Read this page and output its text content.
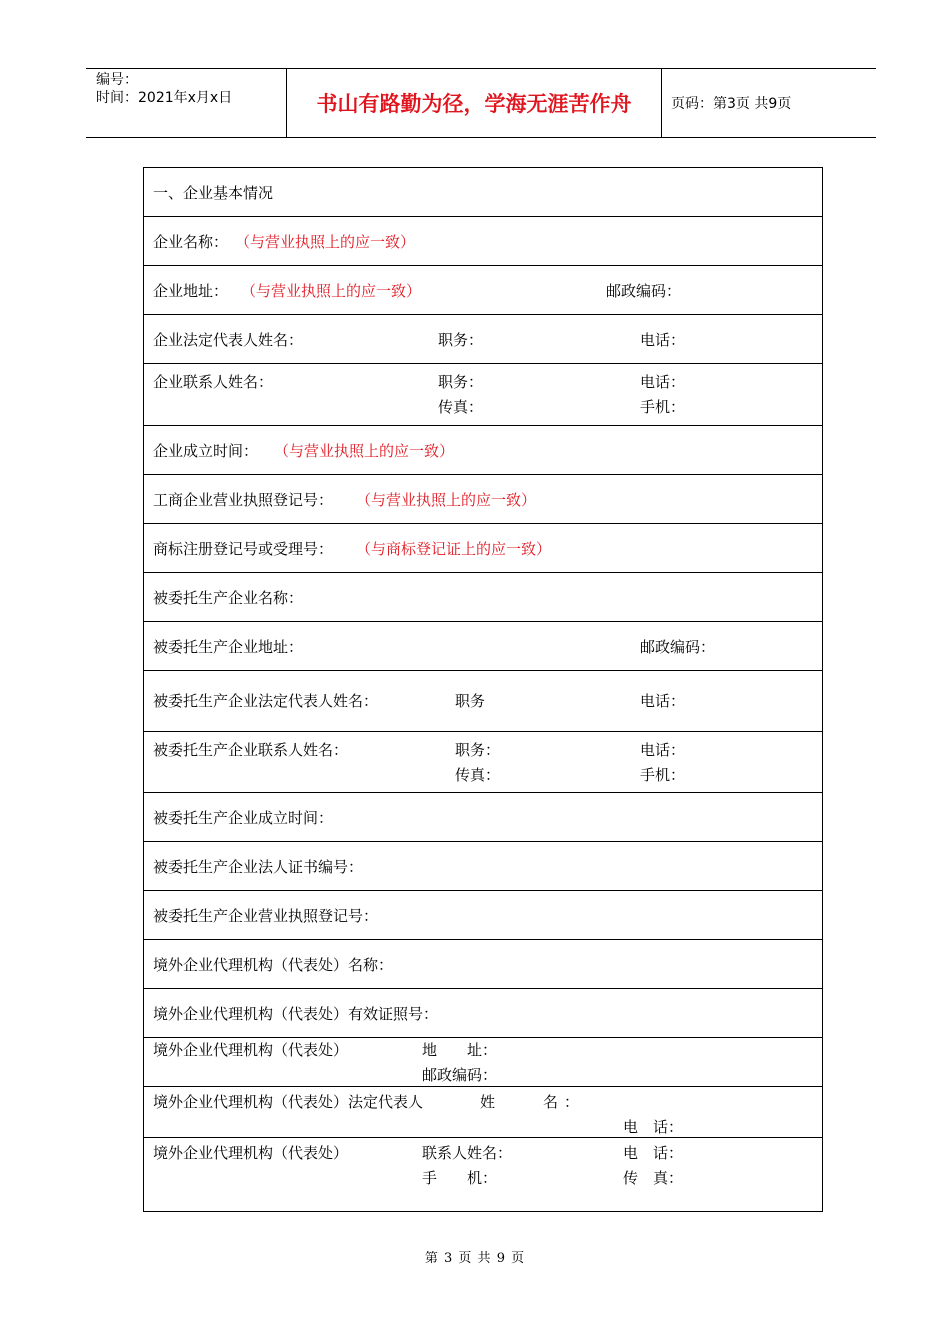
编号：
时间：2021年x月x日	书山有路勤为径，学海无涯苦作舟	页码：第3页 共9页
一、企业基本情况
企业名称： （与营业执照上的应一致）
企业地址： （与营业执照上的应一致）	邮政编码：
企业法定代表人姓名：	职务：	电话：
企业联系人姓名：	职务：	电话：
传真：	手机：
企业成立时间： （与营业执照上的应一致）
工商企业营业执照登记号： （与营业执照上的应一致）
商标注册登记号或受理号： （与商标登记证上的应一致）
被委托生产企业名称：
被委托生产企业地址：	邮政编码：
被委托生产企业法定代表人姓名：	职务	电话：
被委托生产企业联系人姓名：	职务：	电话：
传真：	手机：
被委托生产企业成立时间：
被委托生产企业法人证书编号：
被委托生产企业营业执照登记号：
境外企业代理机构（代表处）名称：
境外企业代理机构（代表处）有效证照号：
境外企业代理机构（代表处）	地　　址：
邮政编码：
境外企业代理机构（代表处）法定代表人	姓　　名：
电　话：
境外企业代理机构（代表处）	联系人姓名：	电　话：
手　　机：	传　真：
第 3 页 共 9 页
